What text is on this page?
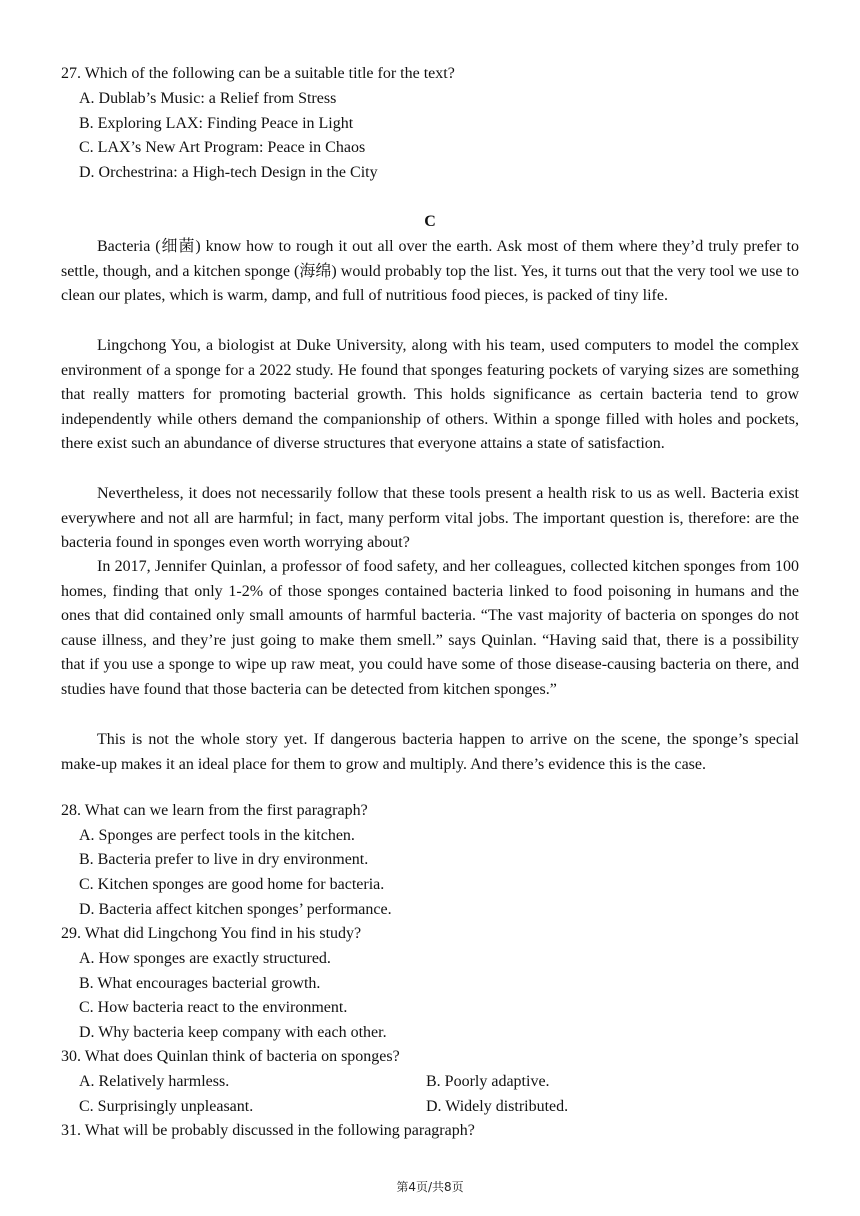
27. Which of the following can be a suitable title for the text?
A. Dublab’s Music: a Relief from Stress
B. Exploring LAX: Finding Peace in Light
C. LAX’s New Art Program: Peace in Chaos
D. Orchestrina: a High-tech Design in the City
C

Bacteria (细菌) know how to rough it out all over the earth. Ask most of them where they’d truly prefer to settle, though, and a kitchen sponge (海绵) would probably top the list. Yes, it turns out that the very tool we use to clean our plates, which is warm, damp, and full of nutritious food pieces, is packed of tiny life.

Lingchong You, a biologist at Duke University, along with his team, used computers to model the complex environment of a sponge for a 2022 study. He found that sponges featuring pockets of varying sizes are something that really matters for promoting bacterial growth. This holds significance as certain bacteria tend to grow independently while others demand the companionship of others. Within a sponge filled with holes and pockets, there exist such an abundance of diverse structures that everyone attains a state of satisfaction.

Nevertheless, it does not necessarily follow that these tools present a health risk to us as well. Bacteria exist everywhere and not all are harmful; in fact, many perform vital jobs. The important question is, therefore: are the bacteria found in sponges even worth worrying about?

In 2017, Jennifer Quinlan, a professor of food safety, and her colleagues, collected kitchen sponges from 100 homes, finding that only 1-2% of those sponges contained bacteria linked to food poisoning in humans and the ones that did contained only small amounts of harmful bacteria. “The vast majority of bacteria on sponges do not cause illness, and they’re just going to make them smell.” says Quinlan. “Having said that, there is a possibility that if you use a sponge to wipe up raw meat, you could have some of those disease-causing bacteria on there, and studies have found that those bacteria can be detected from kitchen sponges.”

This is not the whole story yet. If dangerous bacteria happen to arrive on the scene, the sponge’s special make-up makes it an ideal place for them to grow and multiply. And there’s evidence this is the case.

28. What can we learn from the first paragraph?
A. Sponges are perfect tools in the kitchen.
B. Bacteria prefer to live in dry environment.
C. Kitchen sponges are good home for bacteria.
D. Bacteria affect kitchen sponges’ performance.
29. What did Lingchong You find in his study?
A. How sponges are exactly structured.
B. What encourages bacterial growth.
C. How bacteria react to the environment.
D. Why bacteria keep company with each other.
30. What does Quinlan think of bacteria on sponges?
A. Relatively harmless.	B. Poorly adaptive.
C. Surprisingly unpleasant.	D. Widely distributed.
31. What will be probably discussed in the following paragraph?
第4页/共8页
